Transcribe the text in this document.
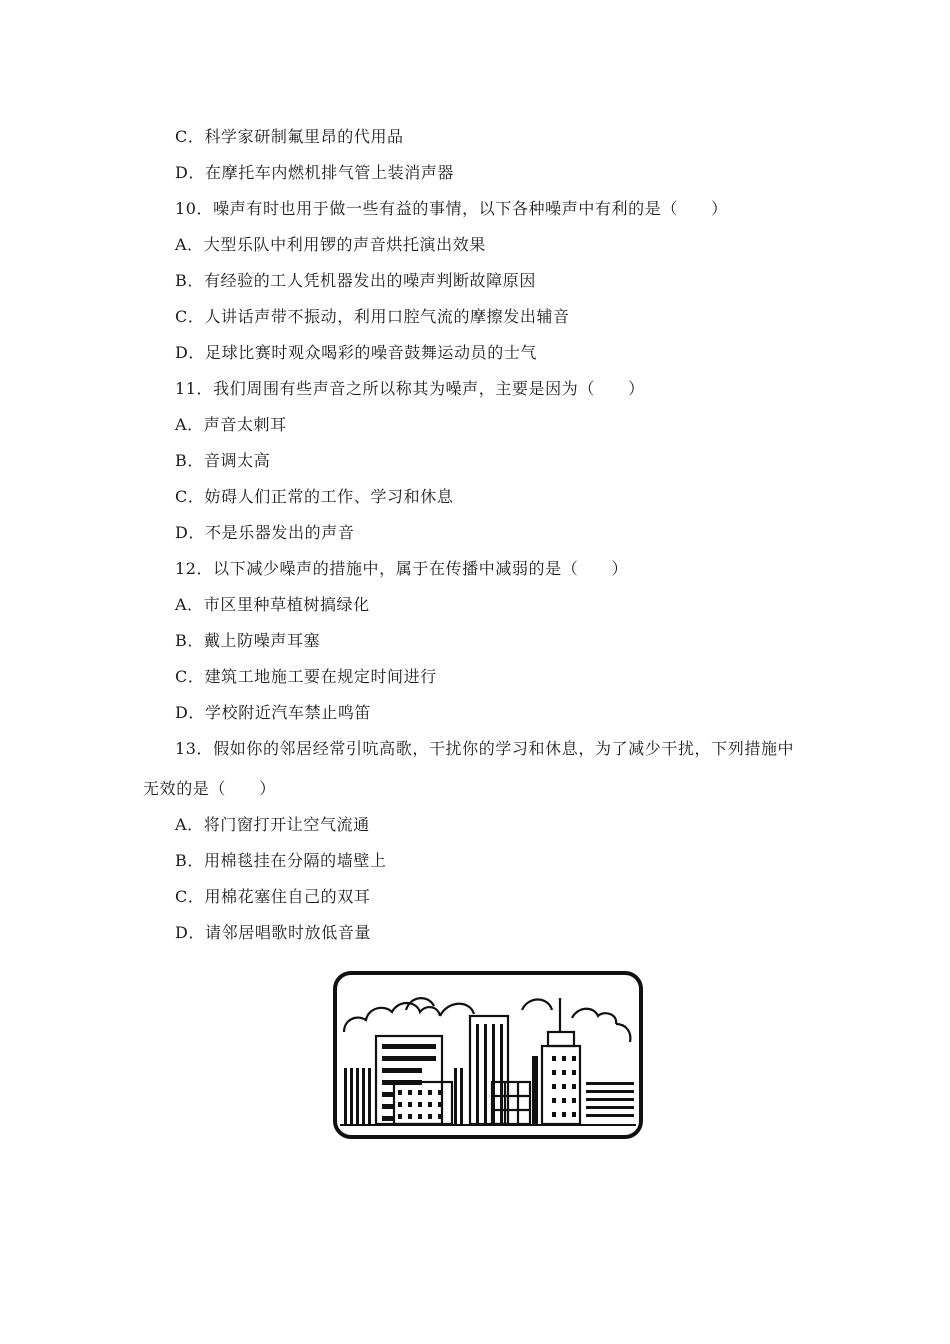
C．科学家研制氟里昂的代用品
D．在摩托车内燃机排气管上装消声器
10．噪声有时也用于做一些有益的事情，以下各种噪声中有利的是（　　）
A．大型乐队中利用锣的声音烘托演出效果
B．有经验的工人凭机器发出的噪声判断故障原因
C．人讲话声带不振动，利用口腔气流的摩擦发出辅音
D．足球比赛时观众喝彩的噪音鼓舞运动员的士气
11．我们周围有些声音之所以称其为噪声，主要是因为（　　）
A．声音太刺耳
B．音调太高
C．妨碍人们正常的工作、学习和休息
D．不是乐器发出的声音
12．以下减少噪声的措施中，属于在传播中减弱的是（　　）
A．市区里种草植树搞绿化
B．戴上防噪声耳塞
C．建筑工地施工要在规定时间进行
D．学校附近汽车禁止鸣笛
13．假如你的邻居经常引吭高歌，干扰你的学习和休息，为了减少干扰，下列措施中
无效的是（　　）
A．将门窗打开让空气流通
B．用棉毯挂在分隔的墙壁上
C．用棉花塞住自己的双耳
D．请邻居唱歌时放低音量
